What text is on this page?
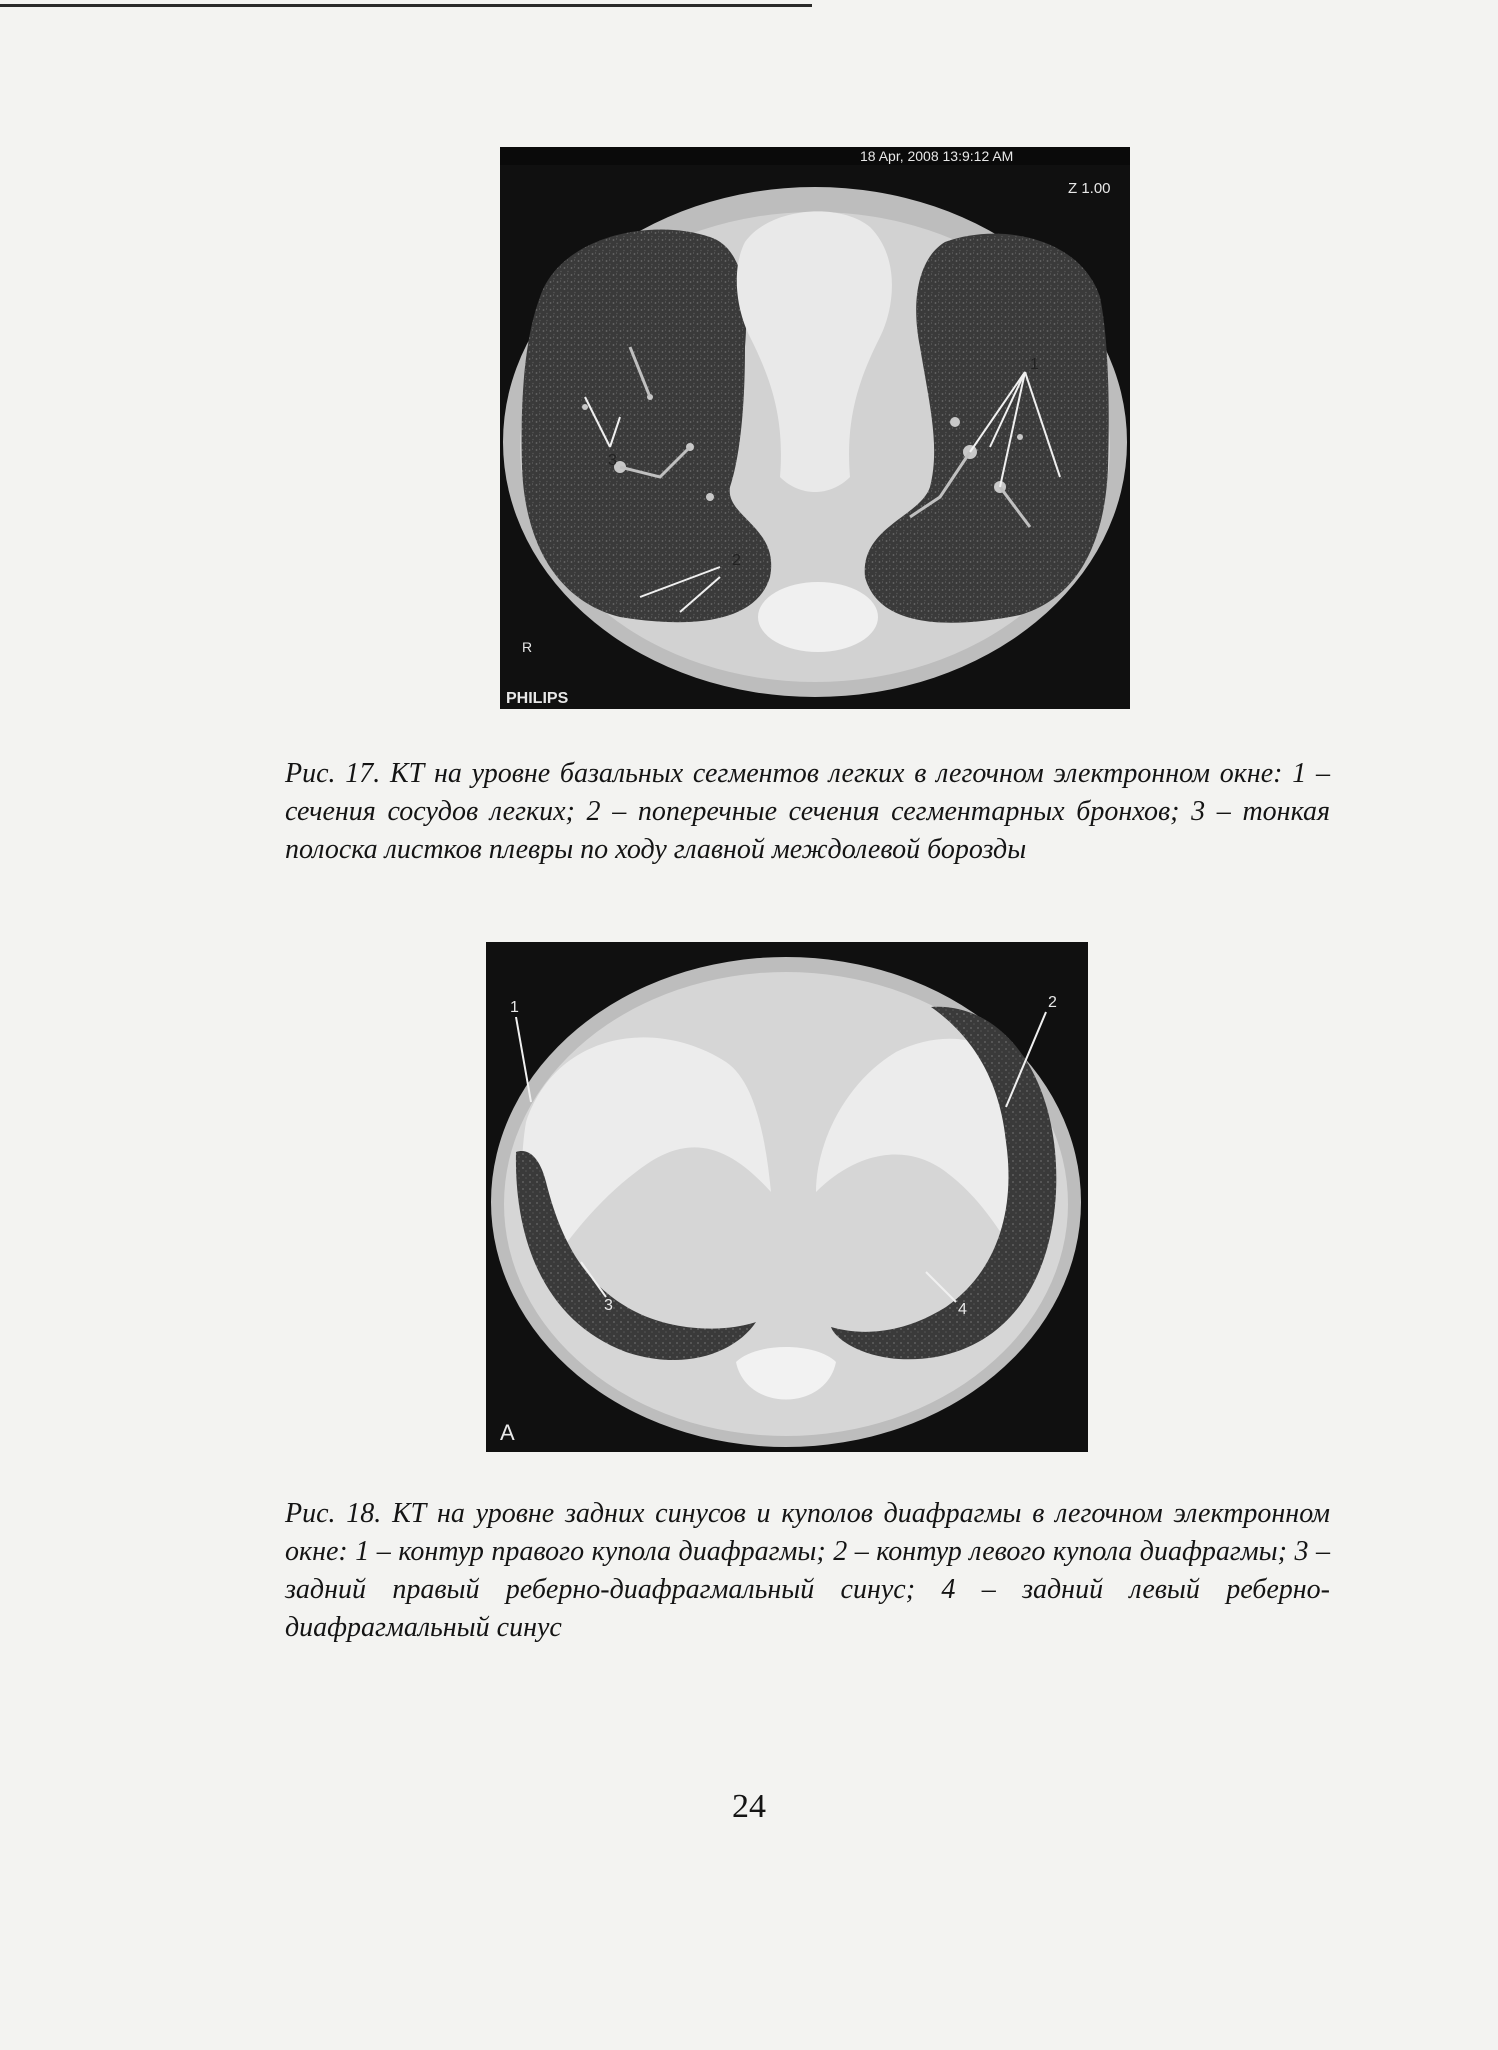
18 Apr, 2008 13:9:12 AM
Z 1.00
1
2
3
R
PHILIPS

Рис. 17. КТ на уровне базальных сегментов легких в легочном электронном окне: 1 – сечения сосудов легких; 2 – поперечные сечения сегментарных бронхов; 3 – тонкая полоска листков плевры по ходу главной междолевой борозды

1	2
3	4
A

Рис. 18. КТ на уровне задних синусов и куполов диафрагмы в легочном электронном окне: 1 – контур правого купола диафрагмы; 2 – контур левого купола диафрагмы; 3 – задний правый реберно-диафрагмальный синус; 4 – задний левый реберно-диафрагмальный синус

24
